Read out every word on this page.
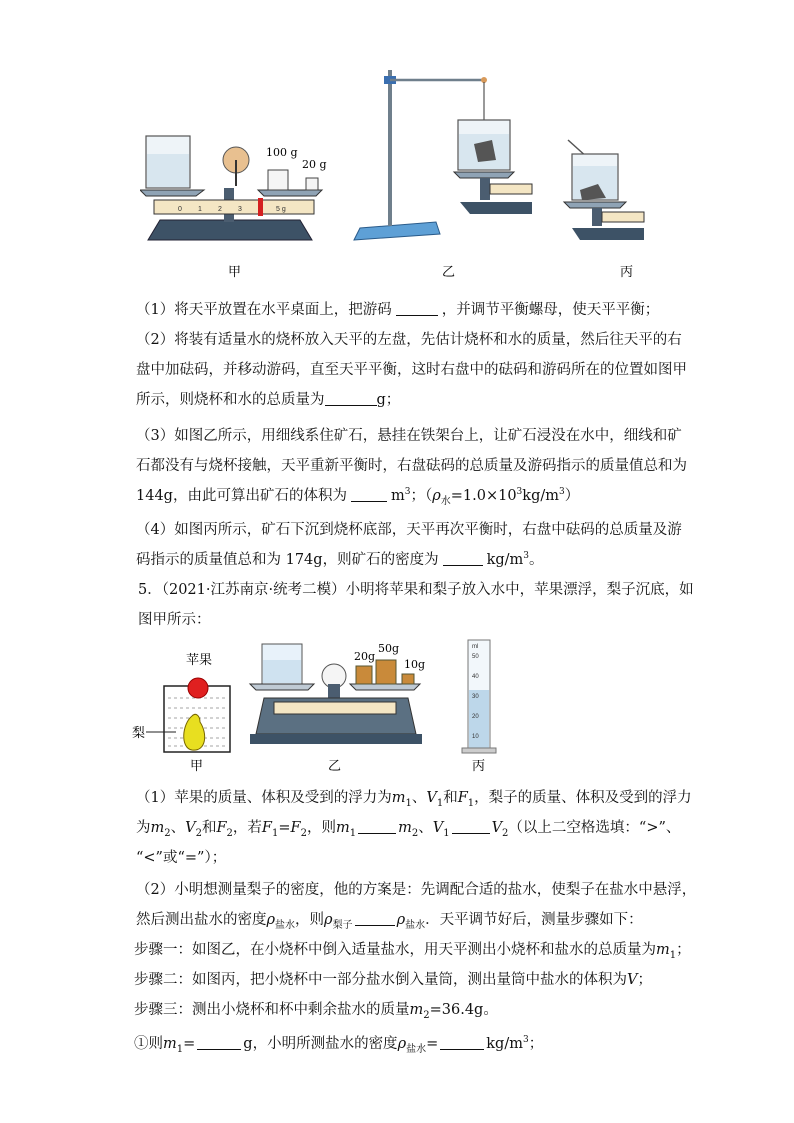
0 1 2 3	5 g
100 g
20 g
甲	乙	丙
（1）将天平放置在水平桌面上，把游码	，并调节平衡螺母，使天平平衡；
（2）将装有适量水的烧杯放入天平的左盘，先估计烧杯和水的质量，然后往天平的右
盘中加砝码，并移动游码，直至天平平衡，这时右盘中的砝码和游码所在的位置如图甲
所示，则烧杯和水的总质量为	g；
（3）如图乙所示，用细线系住矿石，悬挂在铁架台上，让矿石浸没在水中，细线和矿
石都没有与烧杯接触，天平重新平衡时，右盘砝码的总质量及游码指示的质量值总和为
144g，由此可算出矿石的体积为	$m^3$；$(\rho_水=1.0\times 10^3kg/m^3)$
（4）如图丙所示，矿石下沉到烧杯底部，天平再次平衡时，右盘中砝码的总质量及游
码指示的质量值总和为 174g，则矿石的密度为	$kg/m^3$。
5．（2021·江苏南京·统考二模）小明将苹果和梨子放入水中，苹果漂浮，梨子沉底，如
图甲所示：
苹果
梨
甲
20g
50g
10g
乙
ml
50
40
30
20
10
丙
（1）苹果的质量、体积及受到的浮力为$m_1$、$V_1$和$F_1$，梨子的质量、体积及受到的浮力
为$m_2$、$V_2$和$F_2$，若$F_1=F_2$，则$m_1$	$m_2$、$V_1$	$V_2$（以上二空格选填：“>”、
“<”或“=”）；
（2）小明想测量梨子的密度，他的方案是：先调配合适的盐水，使梨子在盐水中悬浮，
然后测出盐水的密度$\rho_{盐水}$，则$\rho_{梨子}$	$\rho_{盐水}$．天平调节好后，测量步骤如下：
步骤一：如图乙，在小烧杯中倒入适量盐水，用天平测出小烧杯和盐水的总质量为$m_1$；
步骤二：如图丙，把小烧杯中一部分盐水倒入量筒，测出量筒中盐水的体积为V；
步骤三：测出小烧杯和杯中剩余盐水的质量$m_2=36.4g$。
①则$m_1=$	g，小明所测盐水的密度$\rho_{盐水}=$	$kg/m^3$；
